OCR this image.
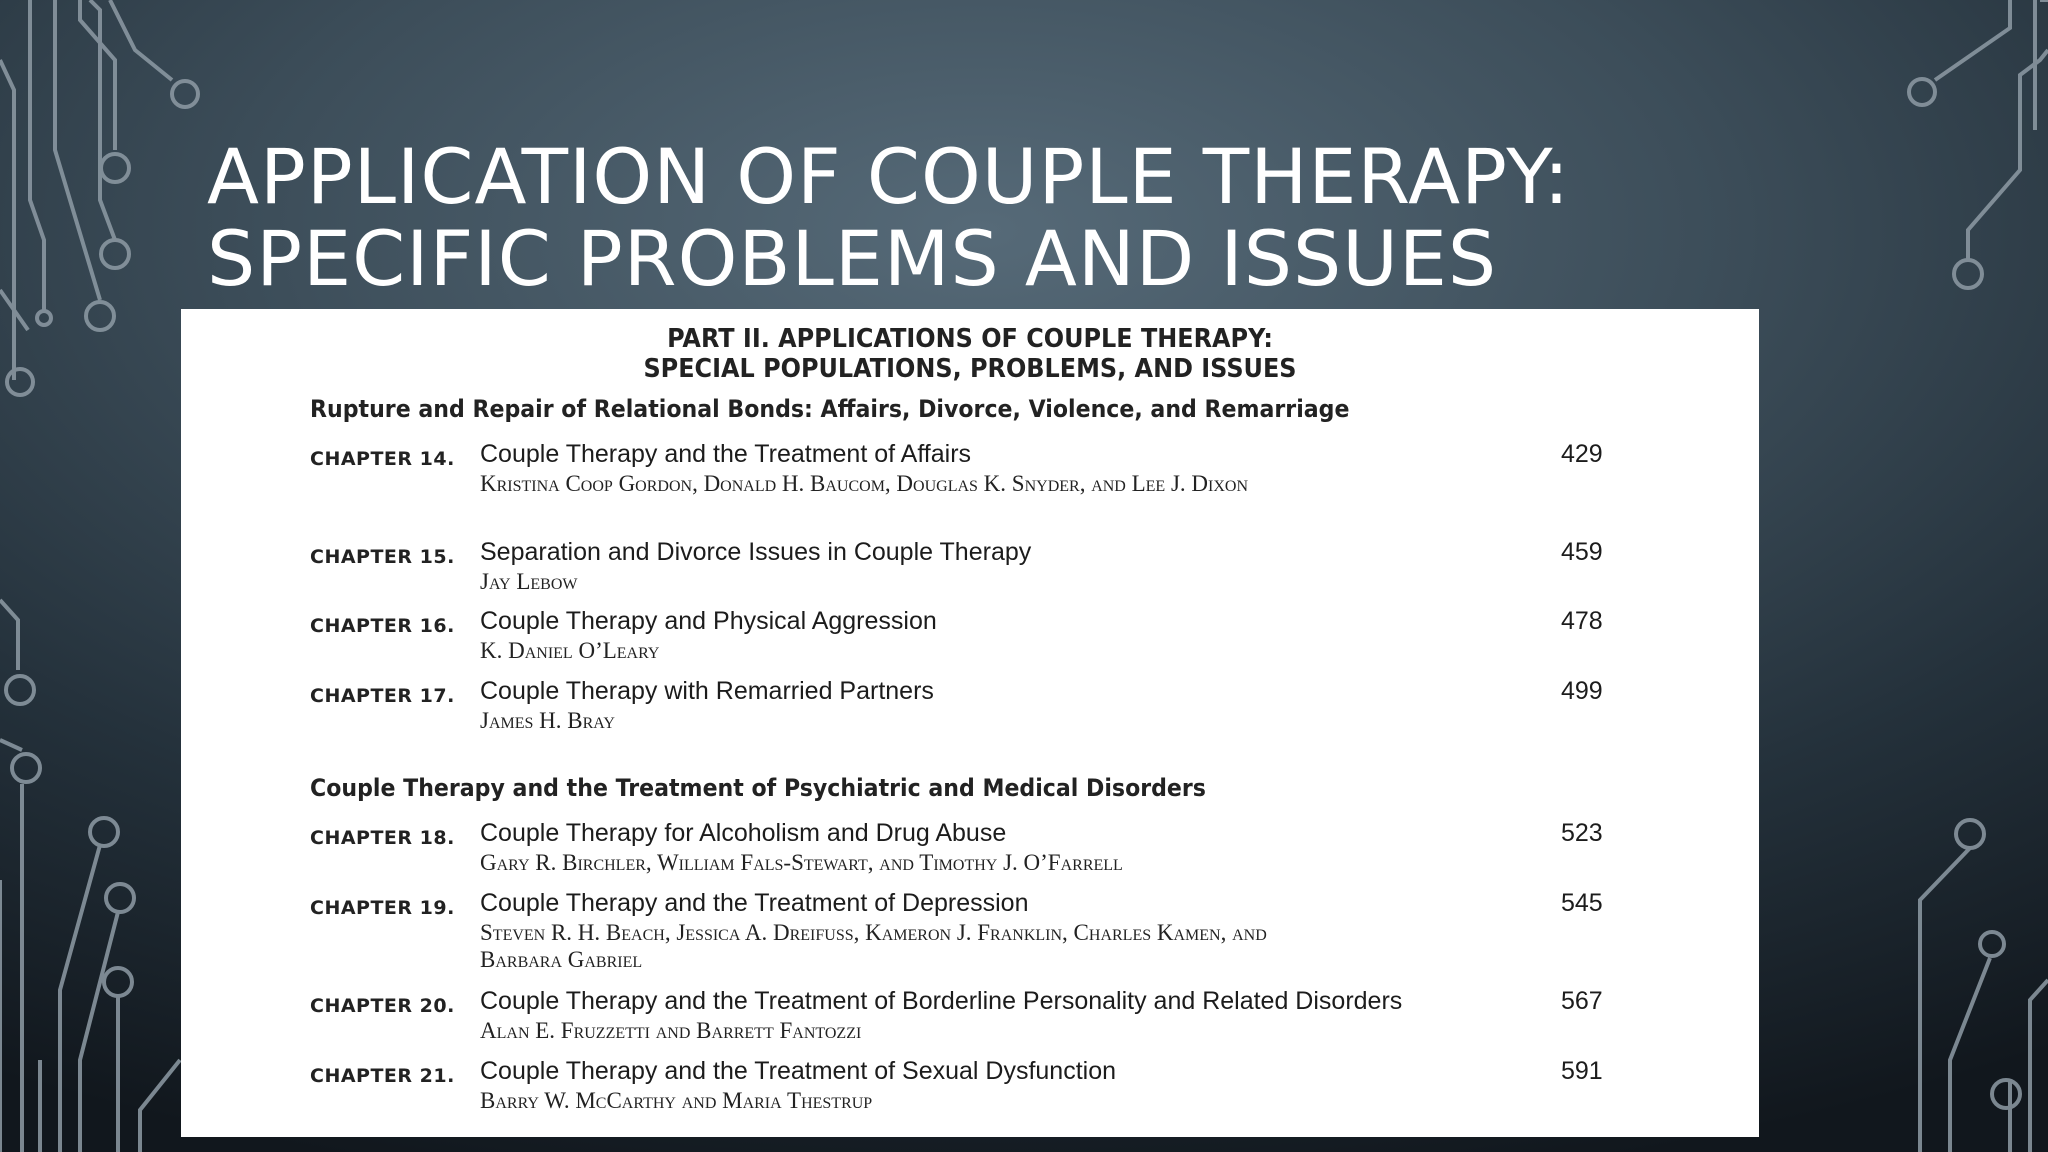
APPLICATION OF COUPLE THERAPY:
SPECIFIC PROBLEMS AND ISSUES
PART II. APPLICATIONS OF COUPLE THERAPY:
SPECIAL POPULATIONS, PROBLEMS, AND ISSUES
Rupture and Repair of Relational Bonds: Affairs, Divorce, Violence, and Remarriage
CHAPTER 14. Couple Therapy and the Treatment of Affairs
Kristina Coop Gordon, Donald H. Baucom, Douglas K. Snyder, and Lee J. Dixon
429
CHAPTER 15. Separation and Divorce Issues in Couple Therapy
Jay Lebow
459
CHAPTER 16. Couple Therapy and Physical Aggression
K. Daniel O’Leary
478
CHAPTER 17. Couple Therapy with Remarried Partners
James H. Bray
499
Couple Therapy and the Treatment of Psychiatric and Medical Disorders
CHAPTER 18. Couple Therapy for Alcoholism and Drug Abuse
Gary R. Birchler, William Fals-Stewart, and Timothy J. O’Farrell
523
CHAPTER 19. Couple Therapy and the Treatment of Depression
Steven R. H. Beach, Jessica A. Dreifuss, Kameron J. Franklin, Charles Kamen, and Barbara Gabriel
545
CHAPTER 20. Couple Therapy and the Treatment of Borderline Personality and Related Disorders
Alan E. Fruzzetti and Barrett Fantozzi
567
CHAPTER 21. Couple Therapy and the Treatment of Sexual Dysfunction
Barry W. McCarthy and Maria Thestrup
591
